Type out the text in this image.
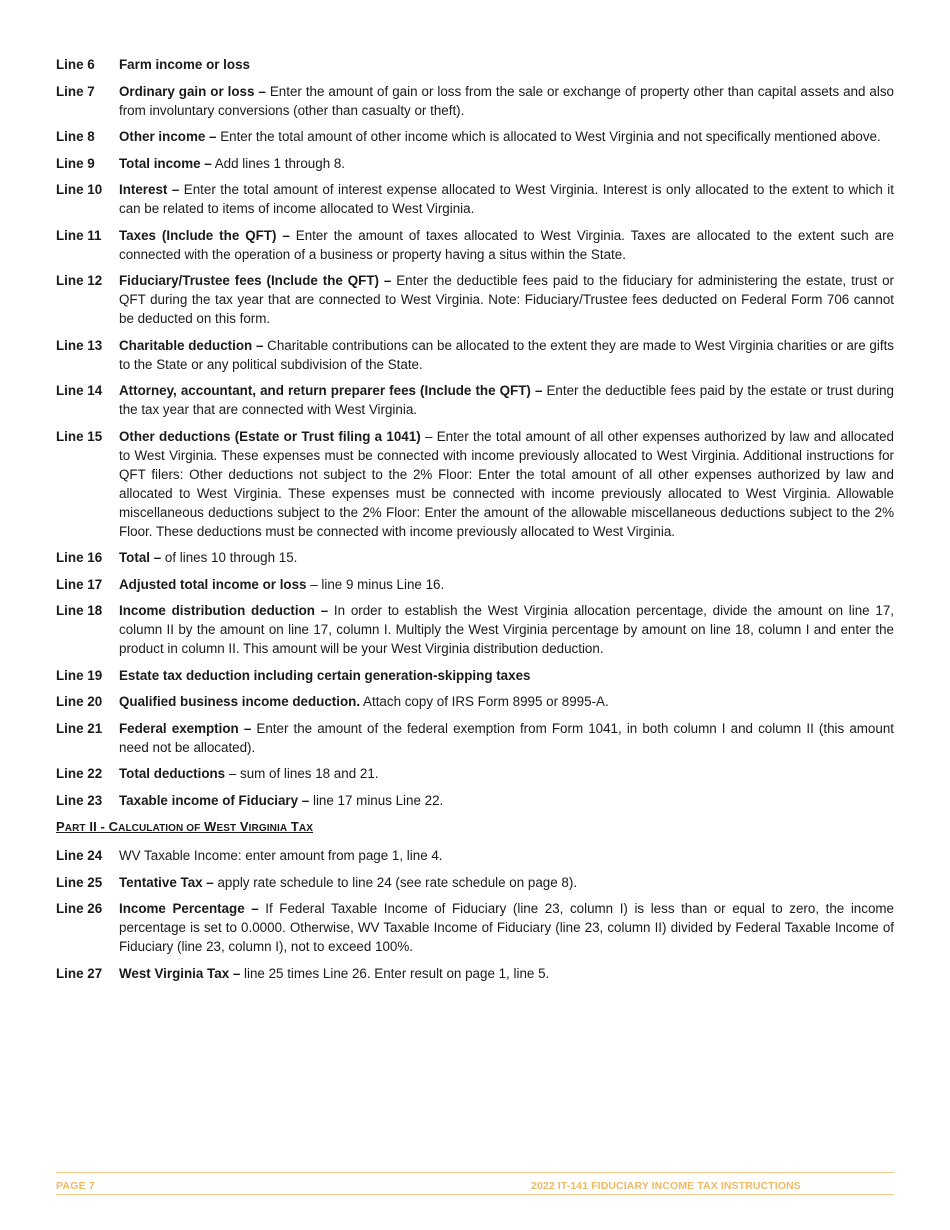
Line 6	Farm income or loss
Line 7	Ordinary gain or loss – Enter the amount of gain or loss from the sale or exchange of property other than capital assets and also from involuntary conversions (other than casualty or theft).
Line 8	Other income – Enter the total amount of other income which is allocated to West Virginia and not specifically mentioned above.
Line 9	Total income – Add lines 1 through 8.
Line 10	Interest – Enter the total amount of interest expense allocated to West Virginia. Interest is only allocated to the extent to which it can be related to items of income allocated to West Virginia.
Line 11	Taxes (Include the QFT) – Enter the amount of taxes allocated to West Virginia. Taxes are allocated to the extent such are connected with the operation of a business or property having a situs within the State.
Line 12	Fiduciary/Trustee fees (Include the QFT) – Enter the deductible fees paid to the fiduciary for administering the estate, trust or QFT during the tax year that are connected to West Virginia. Note: Fiduciary/Trustee fees deducted on Federal Form 706 cannot be deducted on this form.
Line 13	Charitable deduction – Charitable contributions can be allocated to the extent they are made to West Virginia charities or are gifts to the State or any political subdivision of the State.
Line 14	Attorney, accountant, and return preparer fees (Include the QFT) – Enter the deductible fees paid by the estate or trust during the tax year that are connected with West Virginia.
Line 15	Other deductions (Estate or Trust filing a 1041) – Enter the total amount of all other expenses authorized by law and allocated to West Virginia. These expenses must be connected with income previously allocated to West Virginia. Additional instructions for QFT filers: Other deductions not subject to the 2% Floor: Enter the total amount of all other expenses authorized by law and allocated to West Virginia. These expenses must be connected with income previously allocated to West Virginia. Allowable miscellaneous deductions subject to the 2% Floor: Enter the amount of the allowable miscellaneous deductions subject to the 2% Floor. These deductions must be connected with income previously allocated to West Virginia.
Line 16	Total – of lines 10 through 15.
Line 17	Adjusted total income or loss – line 9 minus Line 16.
Line 18	Income distribution deduction – In order to establish the West Virginia allocation percentage, divide the amount on line 17, column II by the amount on line 17, column I. Multiply the West Virginia percentage by amount on line 18, column I and enter the product in column II. This amount will be your West Virginia distribution deduction.
Line 19	Estate tax deduction including certain generation-skipping taxes
Line 20	Qualified business income deduction. Attach copy of IRS Form 8995 or 8995-A.
Line 21	Federal exemption – Enter the amount of the federal exemption from Form 1041, in both column I and column II (this amount need not be allocated).
Line 22	Total deductions – sum of lines 18 and 21.
Line 23	Taxable income of Fiduciary – line 17 minus Line 22.
PART II - CALCULATION OF WEST VIRGINIA TAX
Line 24	WV Taxable Income: enter amount from page 1, line 4.
Line 25	Tentative Tax – apply rate schedule to line 24 (see rate schedule on page 8).
Line 26	Income Percentage – If Federal Taxable Income of Fiduciary (line 23, column I) is less than or equal to zero, the income percentage is set to 0.0000. Otherwise, WV Taxable Income of Fiduciary (line 23, column II) divided by Federal Taxable Income of Fiduciary (line 23, column I), not to exceed 100%.
Line 27	West Virginia Tax – line 25 times Line 26. Enter result on page 1, line 5.
PAGE 7	2022 IT-141 FIDUCIARY INCOME TAX INSTRUCTIONS
